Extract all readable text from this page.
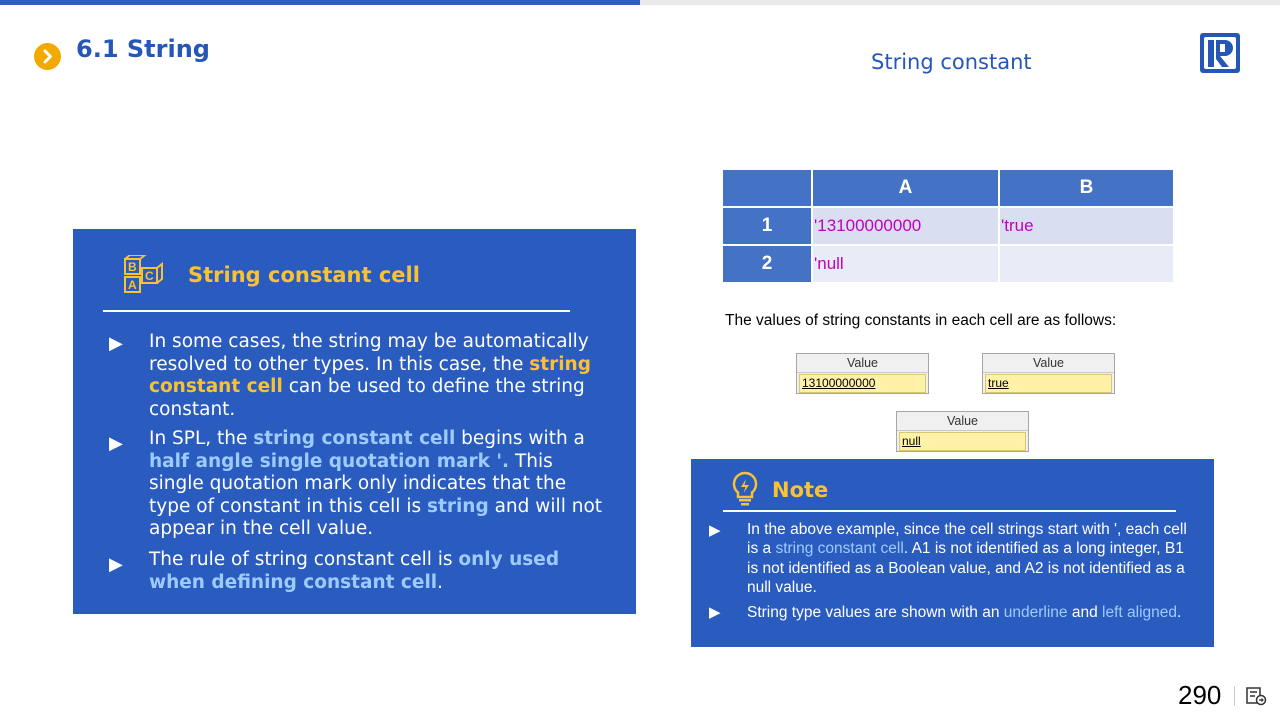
6.1 String	String constant
B
A
C String constant cell
▶ In some cases, the string may be automatically resolved to other types. In this case, the string constant cell can be used to define the string constant.
▶ In SPL, the string constant cell begins with a half angle single quotation mark '. This single quotation mark only indicates that the type of constant in this cell is string and will not appear in the cell value.
▶ The rule of string constant cell is only used when defining constant cell.
	A	B
1	'13100000000	'true
2	'null	
The values of string constants in each cell are as follows:
Value
13100000000
Value
true
Value
null
Note
▶ In the above example, since the cell strings start with ', each cell is a string constant cell. A1 is not identified as a long integer, B1 is not identified as a Boolean value, and A2 is not identified as a null value.
▶ String type values are shown with an underline and left aligned.
290
